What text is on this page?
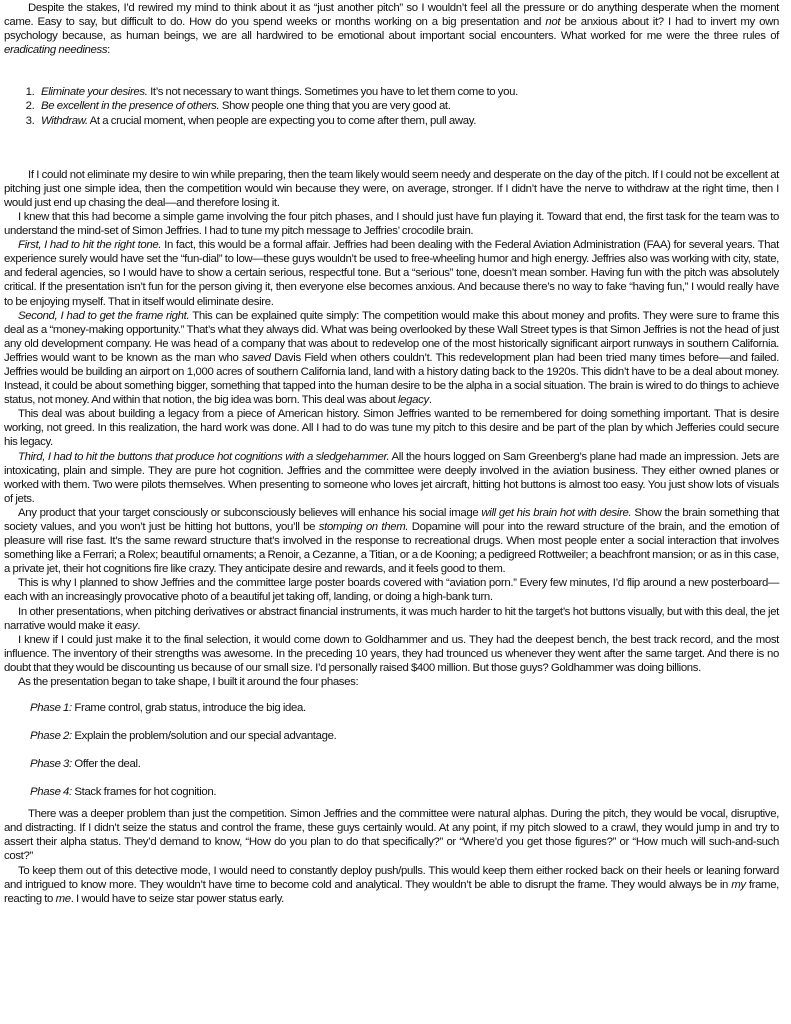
Despite the stakes, I’d rewired my mind to think about it as “just another pitch” so I wouldn’t feel all the pressure or do anything desperate when the moment came. Easy to say, but difficult to do. How do you spend weeks or months working on a big presentation and not be anxious about it? I had to invert my own psychology because, as human beings, we are all hardwired to be emotional about important social encounters. What worked for me were the three rules of eradicating neediness:

1. Eliminate your desires. It’s not necessary to want things. Sometimes you have to let them come to you.
2. Be excellent in the presence of others. Show people one thing that you are very good at.
3. Withdraw. At a crucial moment, when people are expecting you to come after them, pull away.

If I could not eliminate my desire to win while preparing, then the team likely would seem needy and desperate on the day of the pitch. If I could not be excellent at pitching just one simple idea, then the competition would win because they were, on average, stronger. If I didn’t have the nerve to withdraw at the right time, then I would just end up chasing the deal—and therefore losing it.

I knew that this had become a simple game involving the four pitch phases, and I should just have fun playing it. Toward that end, the first task for the team was to understand the mind-set of Simon Jeffries. I had to tune my pitch message to Jeffries’ crocodile brain.

First, I had to hit the right tone. In fact, this would be a formal affair. Jeffries had been dealing with the Federal Aviation Administration (FAA) for several years. That experience surely would have set the “fun-dial” to low—these guys wouldn’t be used to free-wheeling humor and high energy. Jeffries also was working with city, state, and federal agencies, so I would have to show a certain serious, respectful tone. But a “serious” tone, doesn’t mean somber. Having fun with the pitch was absolutely critical. If the presentation isn’t fun for the person giving it, then everyone else becomes anxious. And because there’s no way to fake “having fun,” I would really have to be enjoying myself. That in itself would eliminate desire.

Second, I had to get the frame right. This can be explained quite simply: The competition would make this about money and profits. They were sure to frame this deal as a “money-making opportunity.” That’s what they always did. What was being overlooked by these Wall Street types is that Simon Jeffries is not the head of just any old development company. He was head of a company that was about to redevelop one of the most historically significant airport runways in southern California. Jeffries would want to be known as the man who saved Davis Field when others couldn’t. This redevelopment plan had been tried many times before—and failed. Jeffries would be building an airport on 1,000 acres of southern California land, land with a history dating back to the 1920s. This didn’t have to be a deal about money. Instead, it could be about something bigger, something that tapped into the human desire to be the alpha in a social situation. The brain is wired to do things to achieve status, not money. And within that notion, the big idea was born. This deal was about legacy.

This deal was about building a legacy from a piece of American history. Simon Jeffries wanted to be remembered for doing something important. That is desire working, not greed. In this realization, the hard work was done. All I had to do was tune my pitch to this desire and be part of the plan by which Jefferies could secure his legacy.

Third, I had to hit the buttons that produce hot cognitions with a sledgehammer. All the hours logged on Sam Greenberg’s plane had made an impression. Jets are intoxicating, plain and simple. They are pure hot cognition. Jeffries and the committee were deeply involved in the aviation business. They either owned planes or worked with them. Two were pilots themselves. When presenting to someone who loves jet aircraft, hitting hot buttons is almost too easy. You just show lots of visuals of jets.

Any product that your target consciously or subconsciously believes will enhance his social image will get his brain hot with desire. Show the brain something that society values, and you won’t just be hitting hot buttons, you’ll be stomping on them. Dopamine will pour into the reward structure of the brain, and the emotion of pleasure will rise fast. It’s the same reward structure that’s involved in the response to recreational drugs. When most people enter a social interaction that involves something like a Ferrari; a Rolex; beautiful ornaments; a Renoir, a Cezanne, a Titian, or a de Kooning; a pedigreed Rottweiler; a beachfront mansion; or as in this case, a private jet, their hot cognitions fire like crazy. They anticipate desire and rewards, and it feels good to them.

This is why I planned to show Jeffries and the committee large poster boards covered with “aviation porn.” Every few minutes, I’d flip around a new posterboard—each with an increasingly provocative photo of a beautiful jet taking off, landing, or doing a high-bank turn.

In other presentations, when pitching derivatives or abstract financial instruments, it was much harder to hit the target’s hot buttons visually, but with this deal, the jet narrative would make it easy.

I knew if I could just make it to the final selection, it would come down to Goldhammer and us. They had the deepest bench, the best track record, and the most influence. The inventory of their strengths was awesome. In the preceding 10 years, they had trounced us whenever they went after the same target. And there is no doubt that they would be discounting us because of our small size. I’d personally raised $400 million. But those guys? Goldhammer was doing billions.

As the presentation began to take shape, I built it around the four phases:

Phase 1: Frame control, grab status, introduce the big idea.
Phase 2: Explain the problem/solution and our special advantage.
Phase 3: Offer the deal.
Phase 4: Stack frames for hot cognition.

There was a deeper problem than just the competition. Simon Jeffries and the committee were natural alphas. During the pitch, they would be vocal, disruptive, and distracting. If I didn’t seize the status and control the frame, these guys certainly would. At any point, if my pitch slowed to a crawl, they would jump in and try to assert their alpha status. They’d demand to know, “How do you plan to do that specifically?” or “Where’d you get those figures?” or “How much will such-and-such cost?”

To keep them out of this detective mode, I would need to constantly deploy push/pulls. This would keep them either rocked back on their heels or leaning forward and intrigued to know more. They wouldn’t have time to become cold and analytical. They wouldn’t be able to disrupt the frame. They would always be in my frame, reacting to me. I would have to seize star power status early.
